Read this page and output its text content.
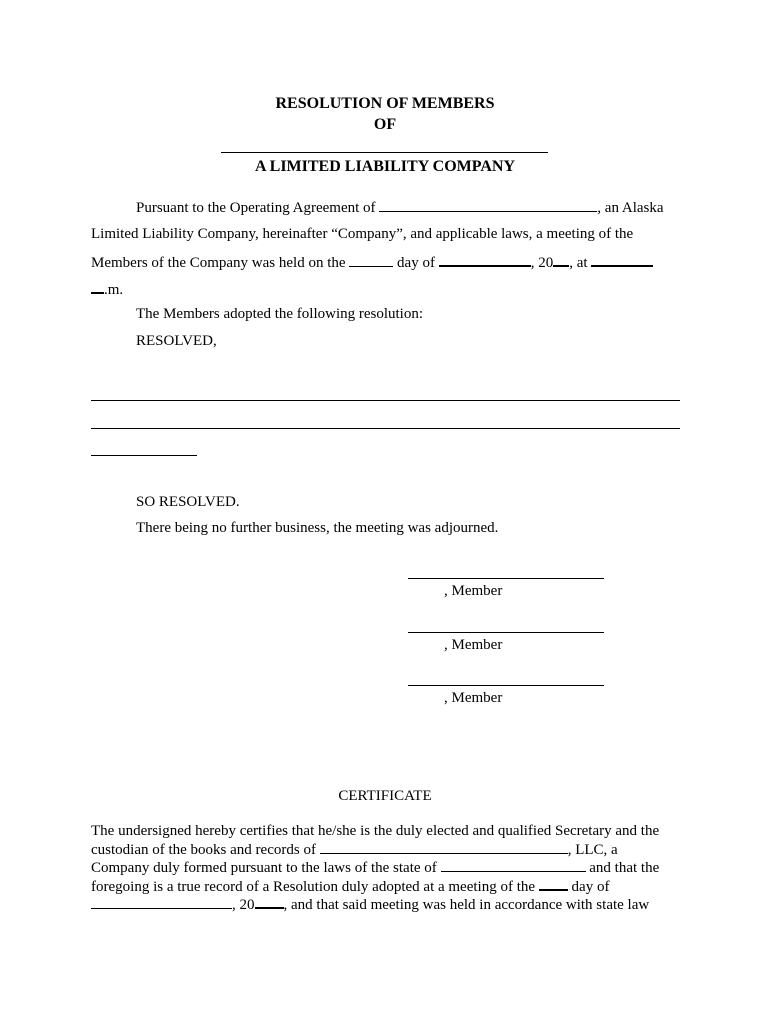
RESOLUTION OF MEMBERS
OF
A LIMITED LIABILITY COMPANY
Pursuant to the Operating Agreement of	, an Alaska
Limited Liability Company, hereinafter “Company”, and applicable laws, a meeting of the
Members of the Company was held on the	day of	, 20 , at
.m.
The Members adopted the following resolution:
RESOLVED,
SO RESOLVED.
There being no further business, the meeting was adjourned.
, Member
, Member
, Member
CERTIFICATE
The undersigned hereby certifies that he/she is the duly elected and qualified Secretary and the
custodian of the books and records of	, LLC, a
Company duly formed pursuant to the laws of the state of	and that the
foregoing is a true record of a Resolution duly adopted at a meeting of the day of
, 20 , and that said meeting was held in accordance with state law
